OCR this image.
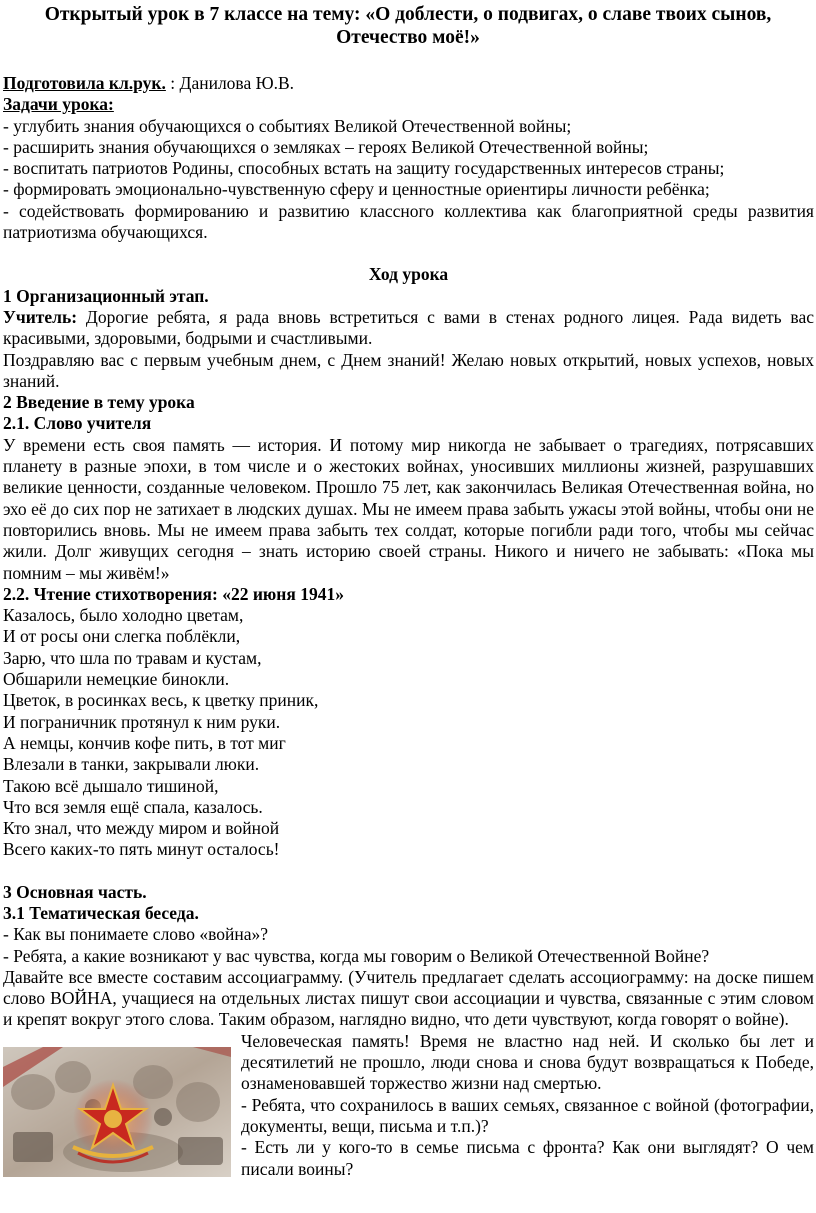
Открытый урок в 7 классе на тему: «О доблести, о подвигах, о славе твоих сынов, Отечество моё!»

Подготовила кл.рук. : Данилова Ю.В.

Задачи урока:

- углубить знания обучающихся о событиях Великой Отечественной войны;

- расширить знания обучающихся о земляках – героях Великой Отечественной войны;

- воспитать патриотов Родины, способных встать на защиту государственных интересов страны;

- формировать эмоционально-чувственную сферу и ценностные ориентиры личности ребёнка;

- содействовать формированию и развитию классного коллектива как благоприятной среды развития патриотизма обучающихся.

Ход урока

1 Организационный этап.

Учитель: Дорогие ребята, я рада вновь встретиться с вами в стенах родного лицея. Рада видеть вас красивыми, здоровыми, бодрыми и счастливыми.

Поздравляю вас с первым учебным днем, с Днем знаний! Желаю новых открытий, новых успехов, новых знаний.

2 Введение в тему урока

2.1. Слово учителя

У времени есть своя память — история. И потому мир никогда не забывает о трагедиях, потрясавших планету в разные эпохи, в том числе и о жестоких войнах, уносивших миллионы жизней, разрушавших великие ценности, созданные человеком. Прошло 75 лет, как закончилась Великая Отечественная война, но эхо её до сих пор не затихает в людских душах. Мы не имеем права забыть ужасы этой войны, чтобы они не повторились вновь. Мы не имеем права забыть тех солдат, которые погибли ради того, чтобы мы сейчас жили. Долг живущих сегодня – знать историю своей страны. Никого и ничего не забывать: «Пока мы помним – мы живём!»

2.2. Чтение стихотворения: «22 июня 1941»

Казалось, было холодно цветам,

И от росы они слегка поблёкли,

Зарю, что шла по травам и кустам,

Обшарили немецкие бинокли.

Цветок, в росинках весь, к цветку приник,

И пограничник протянул к ним руки.

А немцы, кончив кофе пить, в тот миг

Влезали в танки, закрывали люки.

Такою всё дышало тишиной,

Что вся земля ещё спала, казалось.

Кто знал, что между миром и войной

Всего каких-то пять минут осталось!

3 Основная часть.

3.1 Тематическая беседа.

- Как вы понимаете слово «война»?

- Ребята, а какие возникают у вас чувства, когда мы говорим о Великой Отечественной Войне?

Давайте все вместе составим ассоциаграмму. (Учитель предлагает сделать ассоциограмму: на доске пишем слово ВОЙНА, учащиеся на отдельных листах пишут свои ассоциации и чувства, связанные с этим словом и крепят вокруг этого слова. Таким образом, наглядно видно, что дети чувствуют, когда говорят о войне).

Человеческая память! Время не властно над ней. И сколько бы лет и десятилетий не прошло, люди снова и снова будут возвращаться к Победе, ознаменовавшей торжество жизни над смертью.

- Ребята, что сохранилось в ваших семьях, связанное с войной (фотографии, документы, вещи, письма и т.п.)?

- Есть ли у кого-то в семье письма с фронта? Как они выглядят? О чем писали воины?
